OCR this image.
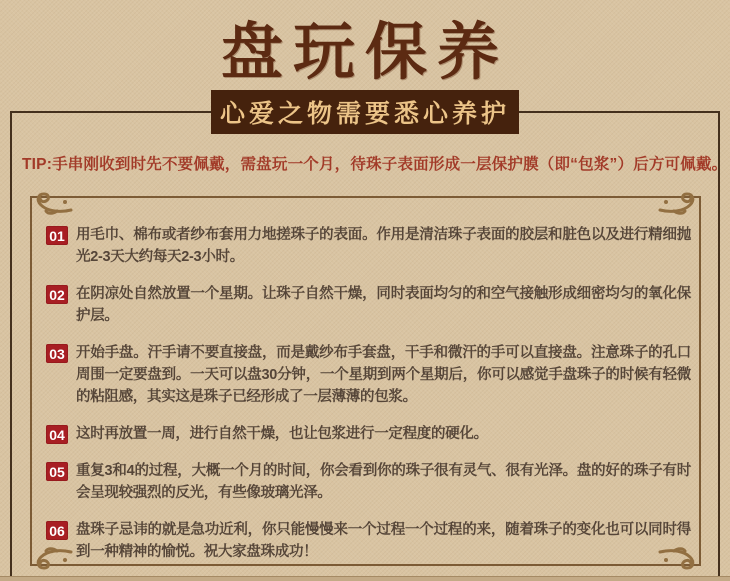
盘玩保养
心爱之物需要悉心养护
TIP:手串刚收到时先不要佩戴，需盘玩一个月，待珠子表面形成一层保护膜（即“包浆”）后方可佩戴。
01 用毛巾、棉布或者纱布套用力地搓珠子的表面。作用是清洁珠子表面的胶层和脏色以及进行精细抛光2-3天大约每天2-3小时。
02 在阴凉处自然放置一个星期。让珠子自然干燥，同时表面均匀的和空气接触形成细密均匀的氧化保护层。
03 开始手盘。汗手请不要直接盘，而是戴纱布手套盘，干手和微汗的手可以直接盘。注意珠子的孔口周围一定要盘到。一天可以盘30分钟，一个星期到两个星期后，你可以感觉手盘珠子的时候有轻微的粘阻感，其实这是珠子已经形成了一层薄薄的包浆。
04 这时再放置一周，进行自然干燥，也让包浆进行一定程度的硬化。
05 重复3和4的过程，大概一个月的时间，你会看到你的珠子很有灵气、很有光泽。盘的好的珠子有时会呈现较强烈的反光，有些像玻璃光泽。
06 盘珠子忌讳的就是急功近利，你只能慢慢来一个过程一个过程的来，随着珠子的变化也可以同时得到一种精神的愉悦。祝大家盘珠成功！
